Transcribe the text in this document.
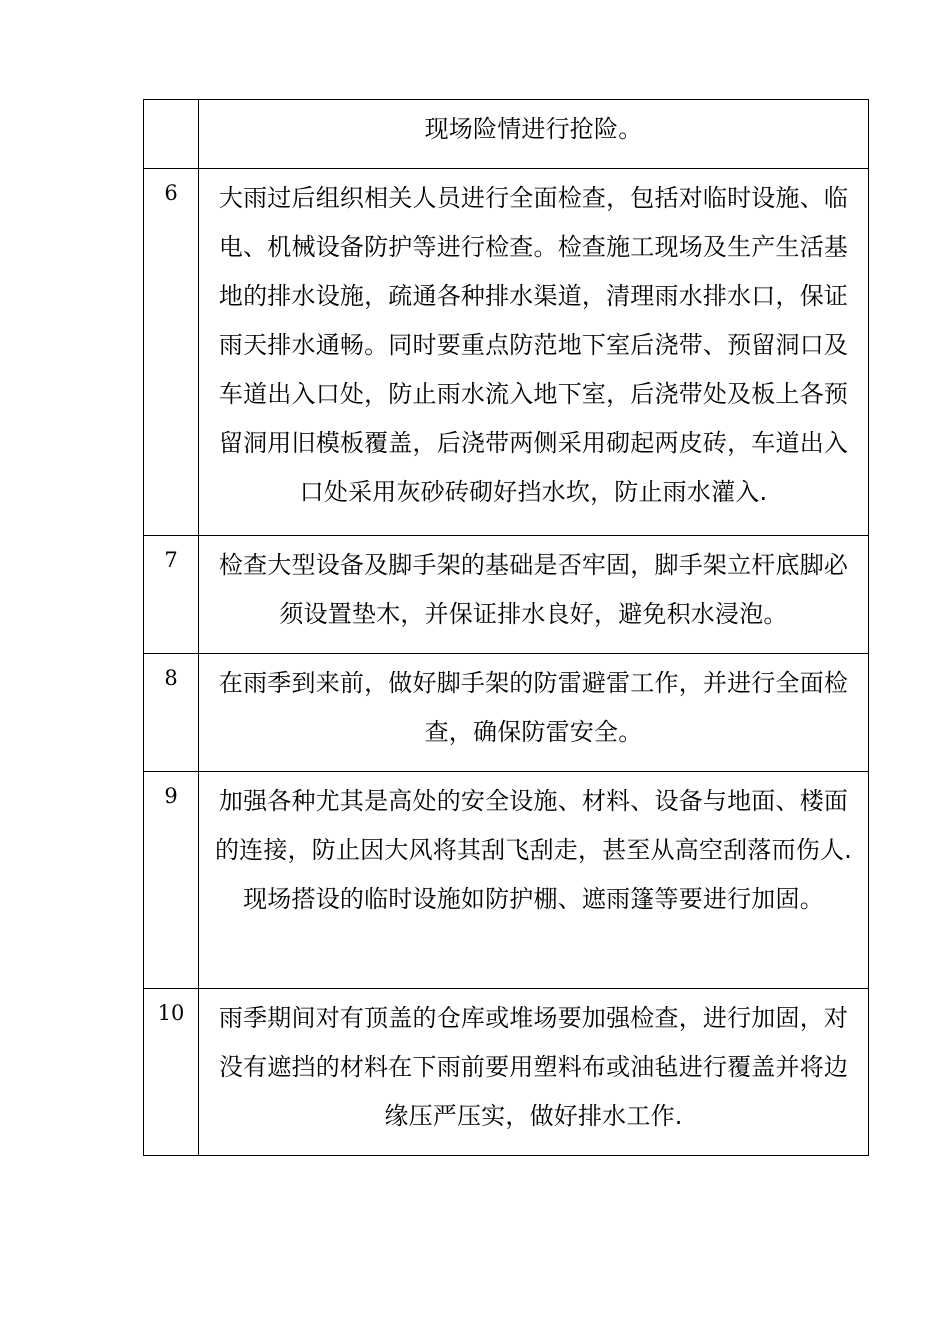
	现场险情进行抢险。

6	大雨过后组织相关人员进行全面检查，包括对临时设施、临电、机械设备防护等进行检查。检查施工现场及生产生活基地的排水设施，疏通各种排水渠道，清理雨水排水口，保证雨天排水通畅。同时要重点防范地下室后浇带、预留洞口及车道出入口处，防止雨水流入地下室，后浇带处及板上各预留洞用旧模板覆盖，后浇带两侧采用砌起两皮砖，车道出入口处采用灰砂砖砌好挡水坎，防止雨水灌入.

7	检查大型设备及脚手架的基础是否牢固，脚手架立杆底脚必须设置垫木，并保证排水良好，避免积水浸泡。

8	在雨季到来前，做好脚手架的防雷避雷工作，并进行全面检查，确保防雷安全。

9	加强各种尤其是高处的安全设施、材料、设备与地面、楼面的连接，防止因大风将其刮飞刮走，甚至从高空刮落而伤人. 现场搭设的临时设施如防护棚、遮雨篷等要进行加固。

10	雨季期间对有顶盖的仓库或堆场要加强检查，进行加固，对没有遮挡的材料在下雨前要用塑料布或油毡进行覆盖并将边缘压严压实，做好排水工作.
